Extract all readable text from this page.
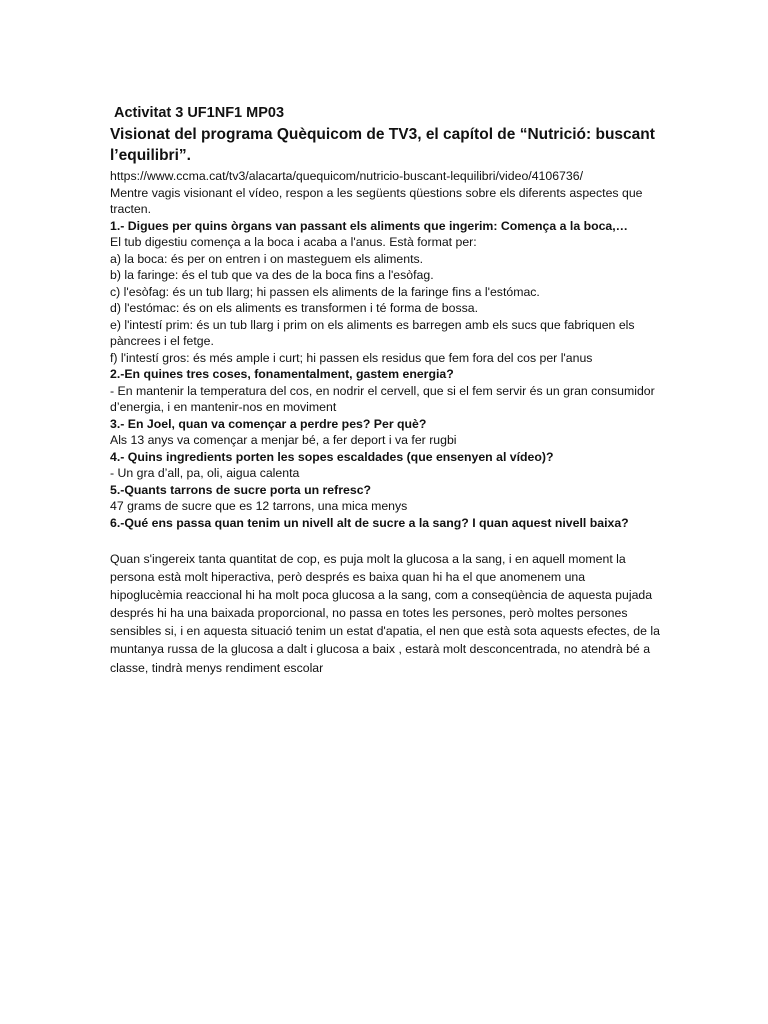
Activitat 3 UF1NF1 MP03
Visionat del programa Quèquicom de TV3, el capítol de “Nutrició: buscant l’equilibri”.
https://www.ccma.cat/tv3/alacarta/quequicom/nutricio-buscant-lequilibri/video/4106736/
Mentre vagis visionant el vídeo, respon a les següents qüestions sobre els diferents aspectes que tracten.
1.- Digues per quins òrgans van passant els aliments que ingerim: Comença a la boca,…
El tub digestiu comença a la boca i acaba a l'anus. Està format per:
a) la boca: és per on entren i on masteguem els aliments.
b) la faringe: és el tub que va des de la boca fins a l'esòfag.
c) l'esòfag: és un tub llarg; hi passen els aliments de la faringe fins a l'estómac.
d) l'estómac: és on els aliments es transformen i té forma de bossa.
e) l'intestí prim: és un tub llarg i prim on els aliments es barregen amb els sucs que fabriquen els pàncrees i el fetge.
f) l'intestí gros: és més ample i curt; hi passen els residus que fem fora del cos per l'anus
2.-En quines tres coses, fonamentalment, gastem energia?
- En mantenir la temperatura del cos, en nodrir el cervell, que si el fem servir és un gran consumidor d’energia, i en mantenir-nos en moviment
3.- En Joel, quan va començar a perdre pes? Per què?
Als 13 anys va començar a menjar bé, a fer deport i va fer rugbi
4.- Quins ingredients porten les sopes escaldades (que ensenyen al vídeo)?
- Un gra d’all, pa, oli, aigua calenta
5.-Quants tarrons de sucre porta un refresc?
47 grams de sucre que es 12 tarrons, una mica menys
6.-Qué ens passa quan tenim un nivell alt de sucre a la sang? I quan aquest nivell baixa?
Quan s'ingereix tanta quantitat de cop, es puja molt la glucosa a la sang, i en aquell moment la persona està molt hiperactiva, però després es baixa quan hi ha el que anomenem una hipoglucèmia reaccional hi ha molt poca glucosa a la sang, com a conseqüència de aquesta pujada després hi ha una baixada proporcional, no passa en totes les persones, però moltes persones sensibles si, i en aquesta situació tenim un estat d'apatia, el nen que està sota aquests efectes, de la muntanya russa de la glucosa a dalt i glucosa a baix , estarà molt desconcentrada, no atendrà bé a classe, tindrà menys rendiment escolar
